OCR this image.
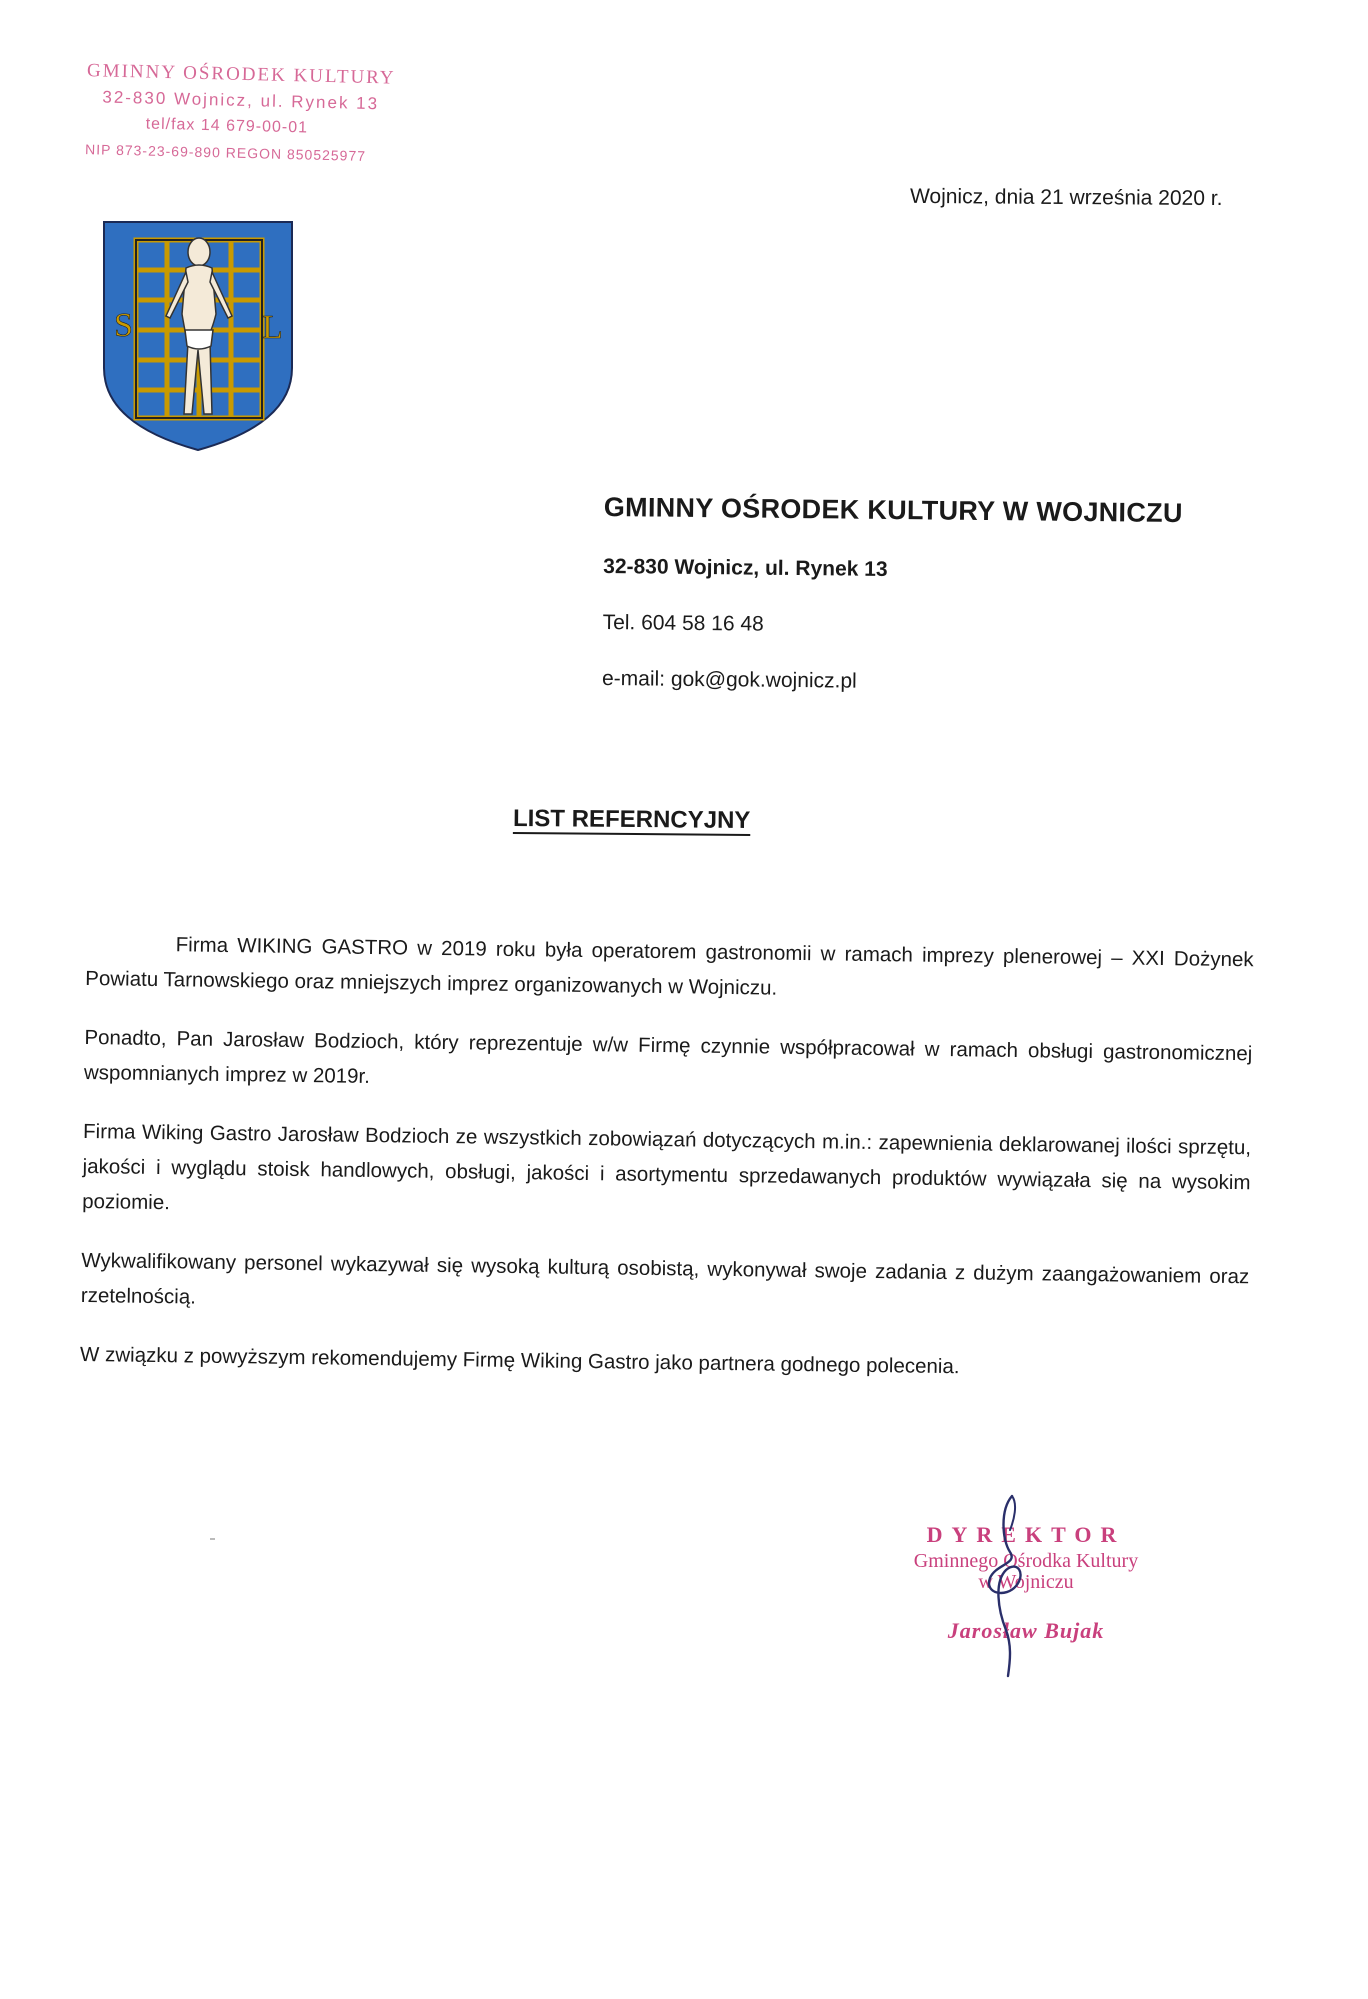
GMINNY OŚRODEK KULTURY
32-830 Wojnicz, ul. Rynek 13
tel/fax 14 679-00-01
NIP 873-23-69-890 REGON 850525977
S	L
Wojnicz, dnia 21 września 2020 r.
GMINNY OŚRODEK KULTURY W WOJNICZU
32-830 Wojnicz, ul. Rynek 13
Tel. 604 58 16 48
e-mail: gok@gok.wojnicz.pl
LIST REFERNCYJNY

Firma WIKING GASTRO w 2019 roku była operatorem gastronomii w ramach imprezy plenerowej – XXI Dożynek Powiatu Tarnowskiego oraz mniejszych imprez organizowanych w Wojniczu.

Ponadto, Pan Jarosław Bodzioch, który reprezentuje w/w Firmę czynnie współpracował w ramach obsługi gastronomicznej wspomnianych imprez w 2019r.

Firma Wiking Gastro Jarosław Bodzioch ze wszystkich zobowiązań dotyczących m.in.: zapewnienia deklarowanej ilości sprzętu, jakości i wyglądu stoisk handlowych, obsługi, jakości i asortymentu sprzedawanych produktów wywiązała się na wysokim poziomie.

Wykwalifikowany personel wykazywał się wysoką kulturą osobistą, wykonywał swoje zadania z dużym zaangażowaniem oraz rzetelnością.

W związku z powyższym rekomendujemy Firmę Wiking Gastro jako partnera godnego polecenia.

DYREKTOR
Gminnego Ośrodka Kultury
w Wojniczu
Jarosław Bujak
